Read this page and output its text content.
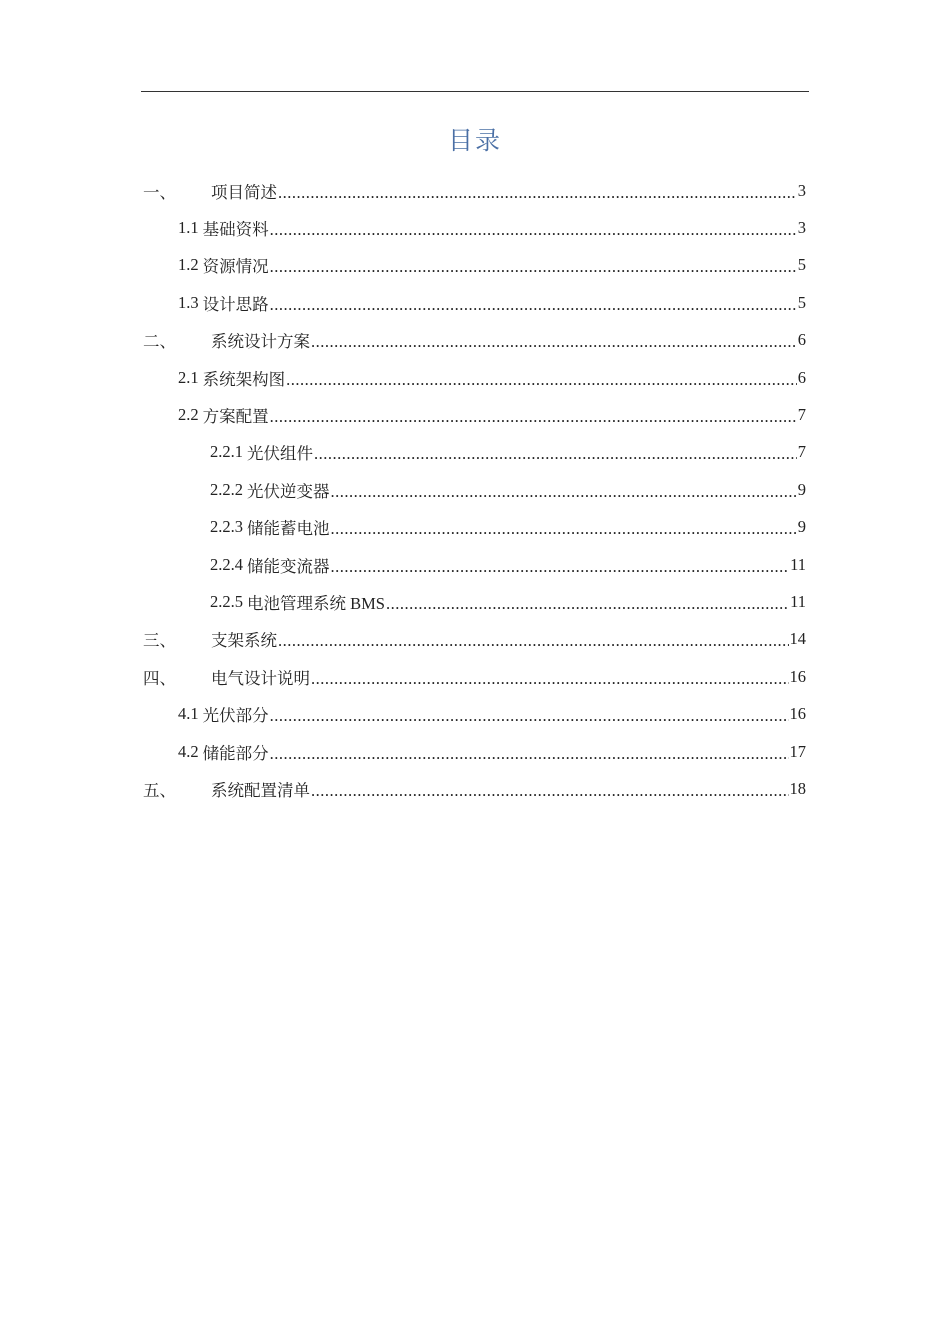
目录
一、	项目简述 .....	3
1.1 基础资料 .....	3
1.2 资源情况 .....	5
1.3 设计思路 .....	5
二、	系统设计方案 .....	6
2.1 系统架构图 .....	6
2.2 方案配置 .....	7
2.2.1 光伏组件 .....	7
2.2.2 光伏逆变器 .....	9
2.2.3 储能蓄电池 .....	9
2.2.4 储能变流器 .....	11
2.2.5 电池管理系统 BMS .....	11
三、	支架系统 .....	14
四、	电气设计说明 .....	16
4.1 光伏部分 .....	16
4.2 储能部分 .....	17
五、	系统配置清单 .....	18
